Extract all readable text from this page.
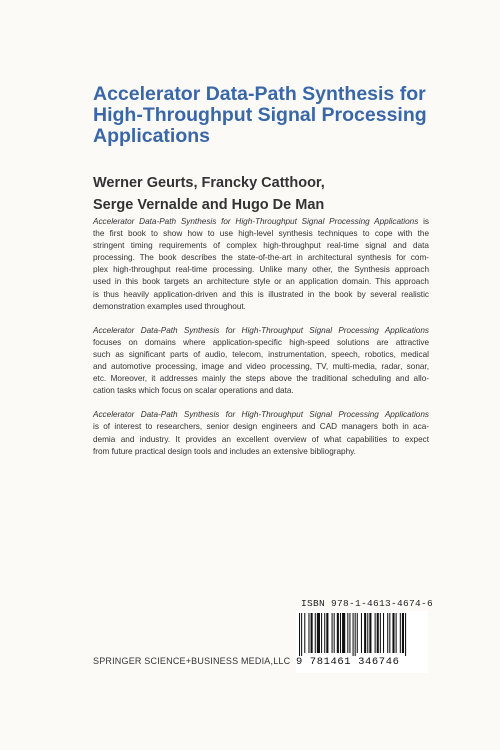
Accelerator Data-Path Synthesis for
High-Throughput Signal Processing
Applications
Werner Geurts, Francky Catthoor,
Serge Vernalde and Hugo De Man

Accelerator Data-Path Synthesis for High-Throughput Signal Processing Applications is
the first book to show how to use high-level synthesis techniques to cope with the
stringent timing requirements of complex high-throughput real-time signal and data
processing. The book describes the state-of-the-art in architectural synthesis for com-
plex high-throughput real-time processing. Unlike many other, the Synthesis approach
used in this book targets an architecture style or an application domain. This approach
is thus heavily application-driven and this is illustrated in the book by several realistic
demonstration examples used throughout.

Accelerator Data-Path Synthesis for High-Throughput Signal Processing Applications
focuses on domains where application-specific high-speed solutions are attractive
such as significant parts of audio, telecom, instrumentation, speech, robotics, medical
and automotive processing, image and video processing, TV, multi-media, radar, sonar,
etc. Moreover, it addresses mainly the steps above the traditional scheduling and allo-
cation tasks which focus on scalar operations and data.

Accelerator Data-Path Synthesis for High-Throughput Signal Processing Applications
is of interest to researchers, senior design engineers and CAD managers both in aca-
demia and industry. It provides an excellent overview of what capabilities to expect
from future practical design tools and includes an extensive bibliography.

ISBN 978-1-4613-4674-6
9 781461 346746
SPRINGER SCIENCE+BUSINESS MEDIA,LLC
